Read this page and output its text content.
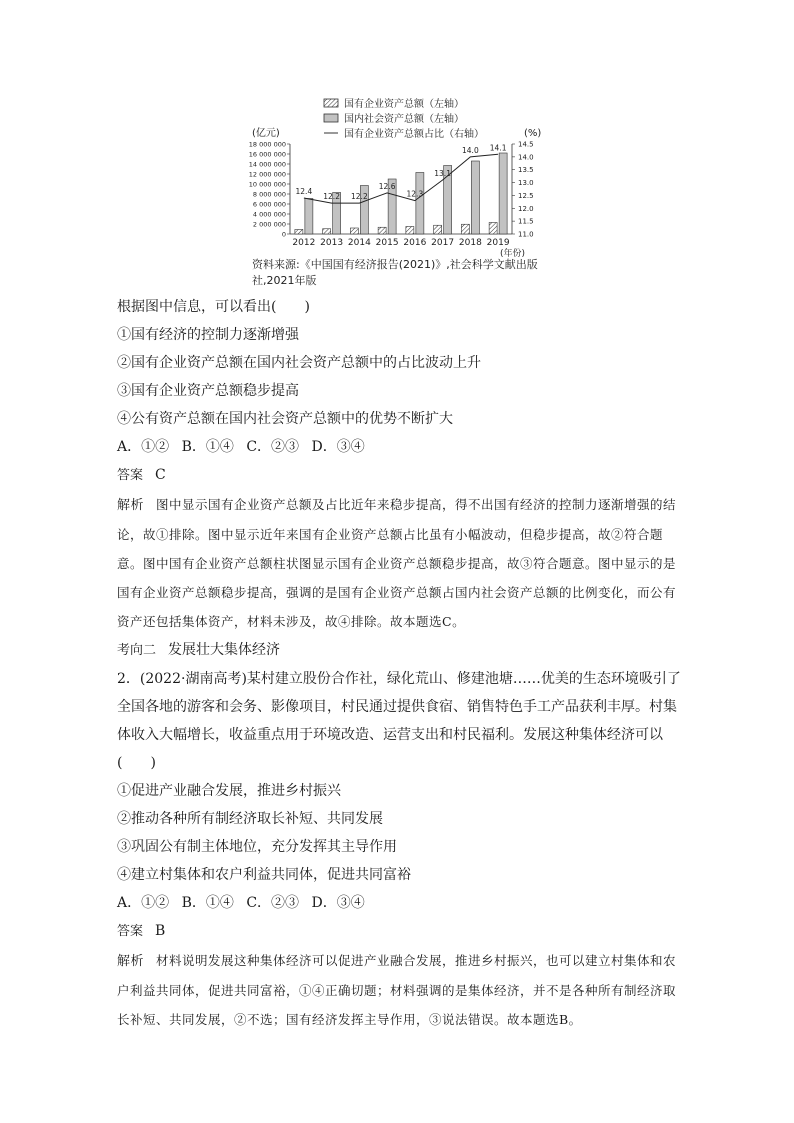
国有企业资产总额（左轴）
国内社会资产总额（左轴）
国有企业资产总额占比（右轴）
(亿元)	(%)
18 000 000
16 000 000
14 000 000
12 000 000
10 000 000
8 000 000
6 000 000
4 000 000
2 000 000
0
14.5
14.0
13.5
13.0
12.5
12.0
11.5
11.0
2012 2013 2014 2015 2016 2017 2018 2019
12.4
12.2 12.2
12.6
12.3
13.1
14.0 14.1
(年份)
资料来源:《中国国有经济报告(2021)》,社会科学文献出版社,2021年版
根据图中信息，可以看出(　　)
①国有经济的控制力逐渐增强
②国有企业资产总额在国内社会资产总额中的占比波动上升
③国有企业资产总额稳步提高
④公有资产总额在国内社会资产总额中的优势不断扩大
A．①② B．①④ C．②③ D．③④
答案 C
解析 图中显示国有企业资产总额及占比近年来稳步提高，得不出国有经济的控制力逐渐增强的结论，故①排除。图中显示近年来国有企业资产总额占比虽有小幅波动，但稳步提高，故②符合题意。图中国有企业资产总额柱状图显示国有企业资产总额稳步提高，故③符合题意。图中显示的是国有企业资产总额稳步提高，强调的是国有企业资产总额占国内社会资产总额的比例变化，而公有资产还包括集体资产，材料未涉及，故④排除。故本题选C。
考向二 发展壮大集体经济
2．(2022·湖南高考)某村建立股份合作社，绿化荒山、修建池塘……优美的生态环境吸引了全国各地的游客和会务、影像项目，村民通过提供食宿、销售特色手工产品获利丰厚。村集体收入大幅增长，收益重点用于环境改造、运营支出和村民福利。发展这种集体经济可以(　　)
①促进产业融合发展，推进乡村振兴
②推动各种所有制经济取长补短、共同发展
③巩固公有制主体地位，充分发挥其主导作用
④建立村集体和农户利益共同体，促进共同富裕
A．①② B．①④ C．②③ D．③④
答案 B
解析 材料说明发展这种集体经济可以促进产业融合发展，推进乡村振兴，也可以建立村集体和农户利益共同体，促进共同富裕，①④正确切题；材料强调的是集体经济，并不是各种所有制经济取长补短、共同发展，②不选；国有经济发挥主导作用，③说法错误。故本题选B。
